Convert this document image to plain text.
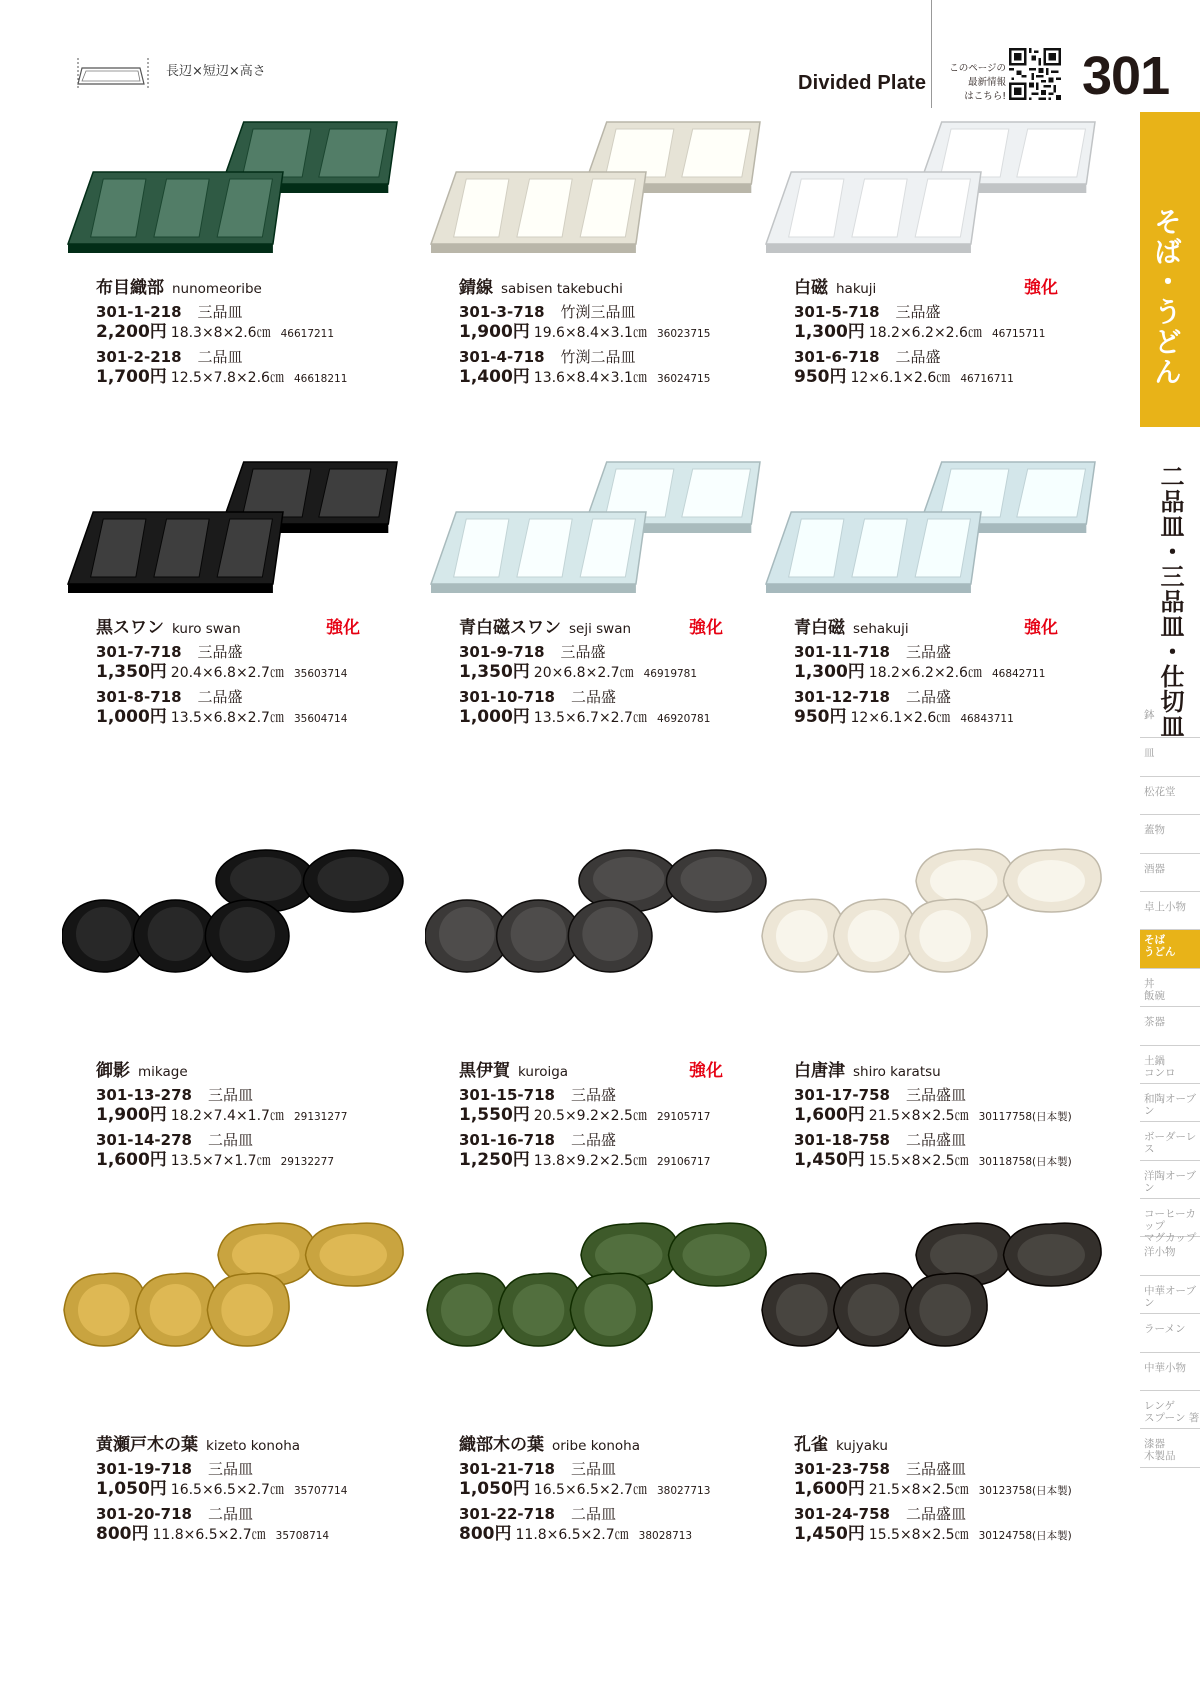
長辺×短辺×高さ
Divided Plate
このページの
最新情報
はこちら! 301
そば・うどん
二品皿・三品皿・仕切皿
鉢
皿
松花堂
蓋物
酒器
卓上小物
そば
うどん
丼
飯碗
茶器
土鍋
コンロ
和陶オーブン
ボーダーレス
洋陶オーブン
コーヒーカップ
マグカップ
洋小物
中華オーブン
ラーメン
中華小物
レンゲ
スプーン 箸
漆器
木製品
布目織部 nunomeoribe
301-1-218 三品皿
2,200円 18.3×8×2.6㎝ 46617211
301-2-218 二品皿
1,700円 12.5×7.8×2.6㎝ 46618211
錆線 sabisen takebuchi
301-3-718 竹渕三品皿
1,900円 19.6×8.4×3.1㎝ 36023715
301-4-718 竹渕二品皿
1,400円 13.6×8.4×3.1㎝ 36024715
白磁 hakuji	強化
301-5-718 三品盛
1,300円 18.2×6.2×2.6㎝ 46715711
301-6-718 二品盛
950円 12×6.1×2.6㎝ 46716711
黒スワン kuro swan	強化
301-7-718 三品盛
1,350円 20.4×6.8×2.7㎝ 35603714
301-8-718 二品盛
1,000円 13.5×6.8×2.7㎝ 35604714
青白磁スワン seji swan	強化
301-9-718 三品盛
1,350円 20×6.8×2.7㎝ 46919781
301-10-718 二品盛
1,000円 13.5×6.7×2.7㎝ 46920781
青白磁 sehakuji	強化
301-11-718 三品盛
1,300円 18.2×6.2×2.6㎝ 46842711
301-12-718 二品盛
950円 12×6.1×2.6㎝ 46843711
御影 mikage
301-13-278 三品皿
1,900円 18.2×7.4×1.7㎝ 29131277
301-14-278 二品皿
1,600円 13.5×7×1.7㎝ 29132277
黒伊賀 kuroiga	強化
301-15-718 三品盛
1,550円 20.5×9.2×2.5㎝ 29105717
301-16-718 二品盛
1,250円 13.8×9.2×2.5㎝ 29106717
白唐津 shiro karatsu
301-17-758 三品盛皿
1,600円 21.5×8×2.5㎝ 30117758(日本製)
301-18-758 二品盛皿
1,450円 15.5×8×2.5㎝ 30118758(日本製)
黄瀬戸木の葉 kizeto konoha
301-19-718 三品皿
1,050円 16.5×6.5×2.7㎝ 35707714
301-20-718 二品皿
800円 11.8×6.5×2.7㎝ 35708714
織部木の葉 oribe konoha
301-21-718 三品皿
1,050円 16.5×6.5×2.7㎝ 38027713
301-22-718 二品皿
800円 11.8×6.5×2.7㎝ 38028713
孔雀 kujyaku
301-23-758 三品盛皿
1,600円 21.5×8×2.5㎝ 30123758(日本製)
301-24-758 二品盛皿
1,450円 15.5×8×2.5㎝ 30124758(日本製)
